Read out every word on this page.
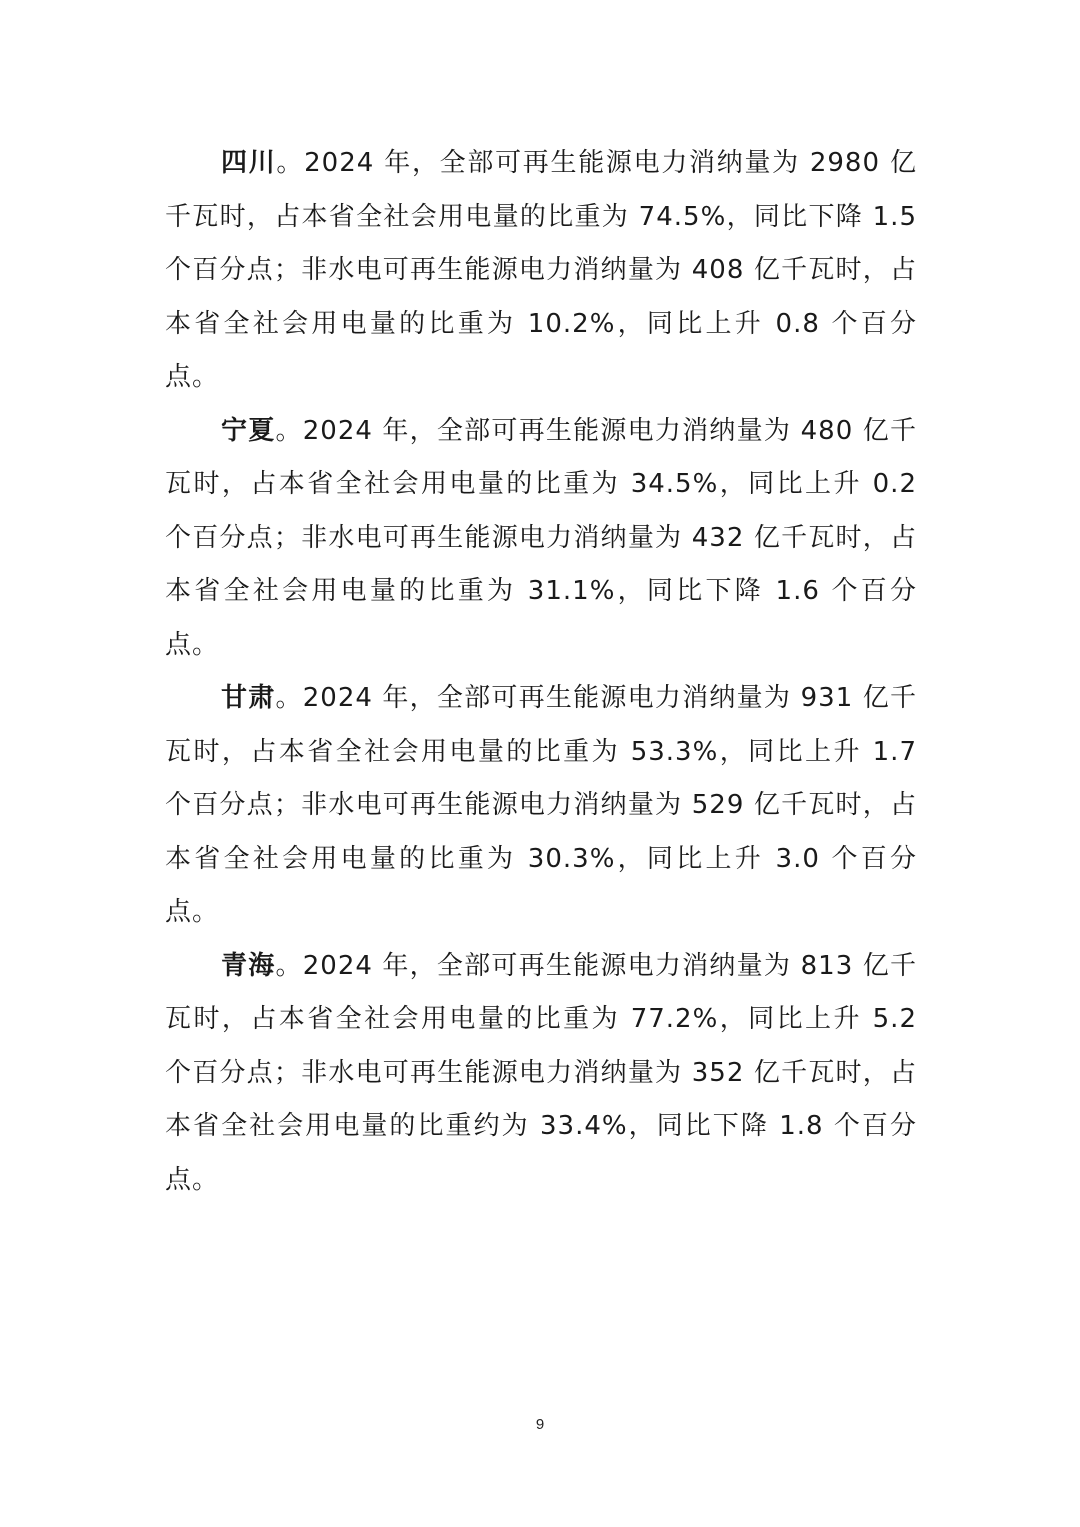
四川。2024 年，全部可再生能源电力消纳量为 2980 亿千瓦时，占本省全社会用电量的比重为 74.5%，同比下降 1.5 个百分点；非水电可再生能源电力消纳量为 408 亿千瓦时，占本省全社会用电量的比重为 10.2%，同比上升 0.8 个百分点。

宁夏。2024 年，全部可再生能源电力消纳量为 480 亿千瓦时，占本省全社会用电量的比重为 34.5%，同比上升 0.2 个百分点；非水电可再生能源电力消纳量为 432 亿千瓦时，占本省全社会用电量的比重为 31.1%，同比下降 1.6 个百分点。

甘肃。2024 年，全部可再生能源电力消纳量为 931 亿千瓦时，占本省全社会用电量的比重为 53.3%，同比上升 1.7 个百分点；非水电可再生能源电力消纳量为 529 亿千瓦时，占本省全社会用电量的比重为 30.3%，同比上升 3.0 个百分点。

青海。2024 年，全部可再生能源电力消纳量为 813 亿千瓦时，占本省全社会用电量的比重为 77.2%，同比上升 5.2 个百分点；非水电可再生能源电力消纳量为 352 亿千瓦时，占本省全社会用电量的比重约为 33.4%，同比下降 1.8 个百分点。

9
